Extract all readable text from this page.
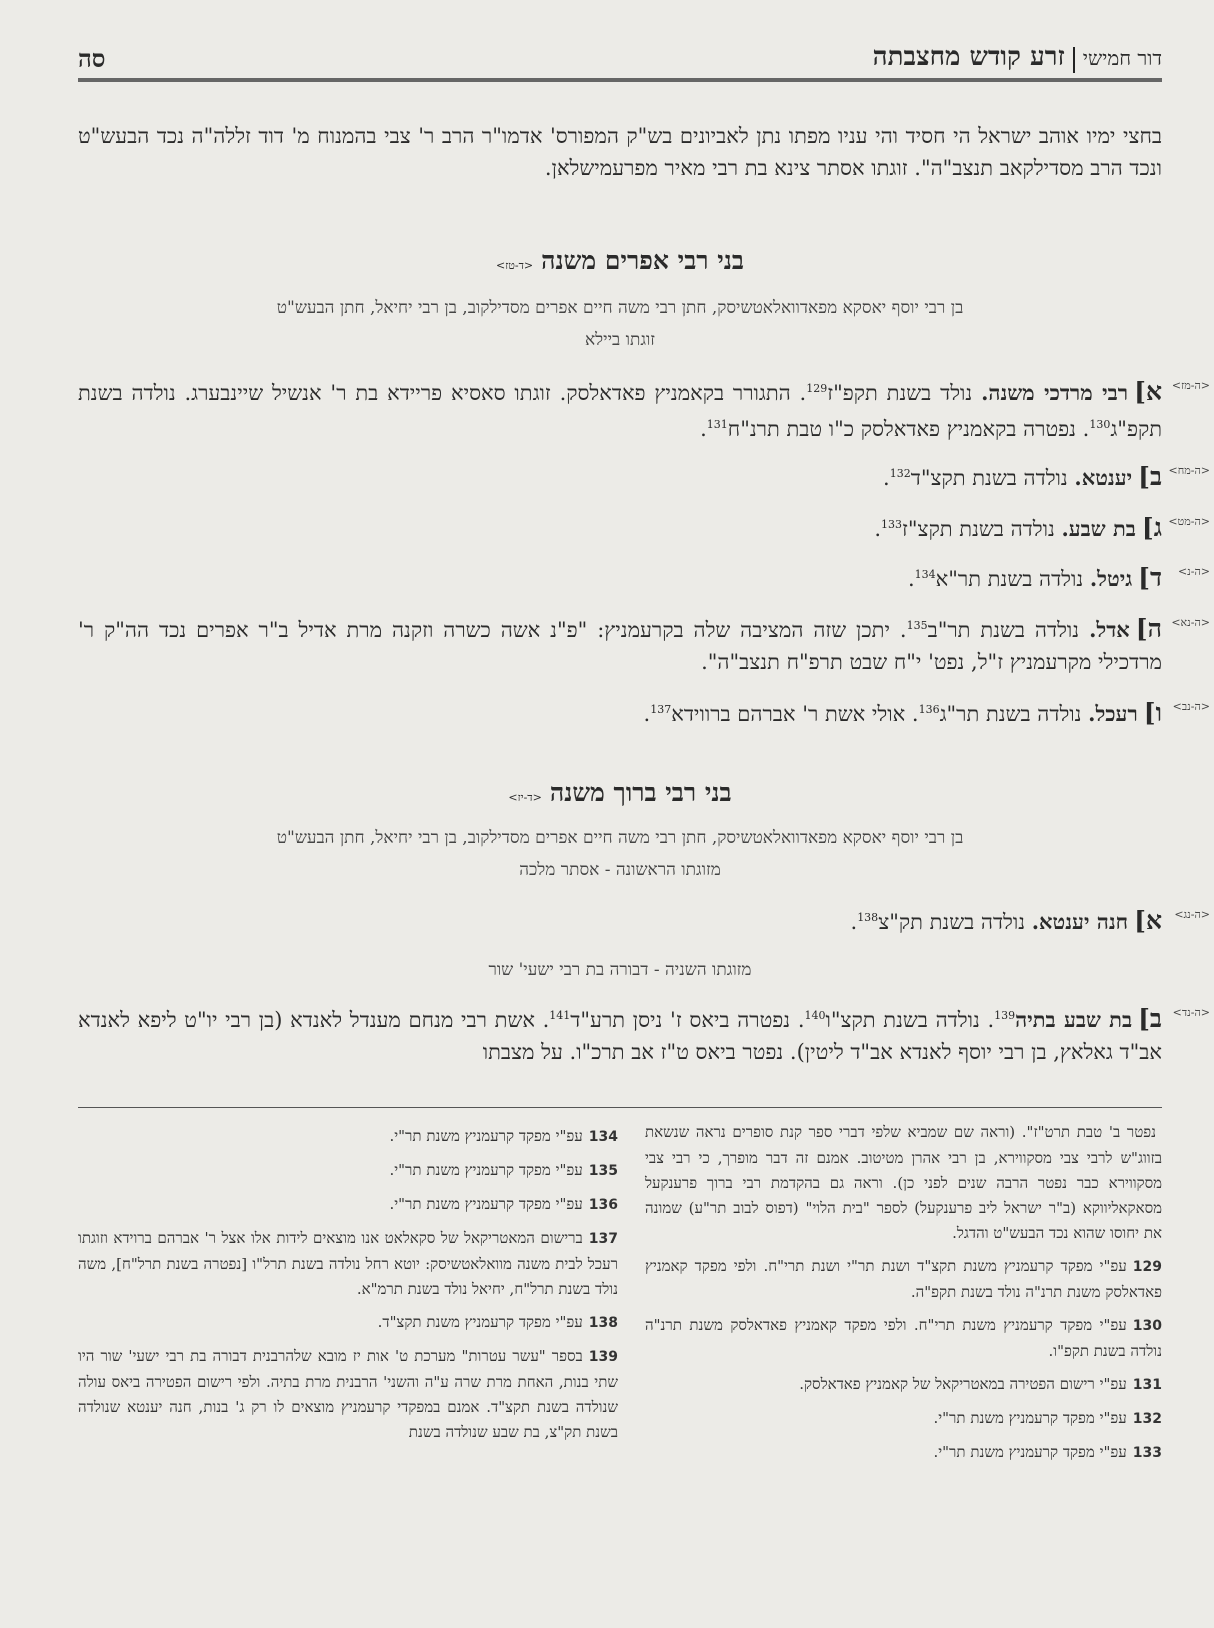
דור חמישיזרע קודש מחצבתה
סה
בחצי ימיו אוהב ישראל הי חסיד והי עניו מפתו נתן לאביונים בש"ק המפורס' אדמו"ר הרב ר' צבי בהמנוח מ' דוד זללה"ה נכד הבעש"ט ונכד הרב מסדילקאב תנצב"ה". זוגתו אסתר צינא בת רבי מאיר מפרעמישלאן.
בני רבי אפרים משנה<ד-טז>
בן רבי יוסף יאסקא מפאדוואלאטשיסק, חתן רבי משה חיים אפרים מסדילקוב, בן רבי יחיאל, חתן הבעש"ט
זוגתו ביילא
<ה-מז>
א]רבי מרדכי משנה. נולד בשנת תקפ"ז$^{129}$. התגורר בקאמניץ פאדאלסק. זוגתו סאסיא פריידא בת ר' אנשיל שיינבערג. נולדה בשנת תקפ"ג$^{130}$. נפטרה בקאמניץ פאדאלסק כ"ו טבת תרנ"ח$^{131}$.
<ה-מח>
ב]יענטא. נולדה בשנת תקצ"ד$^{132}$.
<ה-מט>
ג]בת שבע. נולדה בשנת תקצ"ז$^{133}$.
<ה-נ>
ד]גיטל. נולדה בשנת תר"א$^{134}$.
<ה-נא>
ה]אדל. נולדה בשנת תר"ב$^{135}$. יתכן שזה המציבה שלה בקרעמניץ: "פ"נ אשה כשרה וזקנה מרת אדיל ב"ר אפרים נכד הה"ק ר' מרדכילי מקרעמניץ ז"ל, נפט' י"ח שבט תרפ"ח תנצב"ה".
<ה-נב>
ו]רעכל. נולדה בשנת תר"ג$^{136}$. אולי אשת ר' אברהם ברווידא$^{137}$.
בני רבי ברוך משנה<ד-יז>
בן רבי יוסף יאסקא מפאדוואלאטשיסק, חתן רבי משה חיים אפרים מסדילקוב, בן רבי יחיאל, חתן הבעש"ט
מזוגתו הראשונה - אסתר מלכה
<ה-נג>
א]חנה יענטא. נולדה בשנת תק"צ$^{138}$.
מזוגתו השניה - דבורה בת רבי ישעי' שור
<ה-נד>
ב]בת שבע בתיה$^{139}$. נולדה בשנת תקצ"ו$^{140}$. נפטרה ביאס ז' ניסן תרע"ד$^{141}$. אשת רבי מנחם מענדל לאנדא (בן רבי יו"ט ליפא לאנדא אב"ד גאלאץ, בן רבי יוסף לאנדא אב"ד ליטין). נפטר ביאס ט"ז אב תרכ"ו. על מצבתו
נפטר ב' טבת תרט"ז". (וראה שם שמביא שלפי דברי ספר קנת סופרים נראה שנשאת בזווג"ש לרבי צבי מסקווירא, בן רבי אהרן מטיטוב. אמנם זה דבר מופרך, כי רבי צבי מסקווירא כבר נפטר הרבה שנים לפני כן). וראה גם בהקדמת רבי ברוך פרענקעל מסאקאליווקא (ב"ר ישראל ליב פרענקעל) לספר "בית הלוי" (דפוס לבוב תר"ע) שמונה את יחוסו שהוא נכד הבעש"ט והדגל.
129עפ"י מפקד קרעמניץ משנת תקצ"ד ושנת תר"י ושנת תרי"ח. ולפי מפקד קאמניץ פאדאלסק משנת תרנ"ה נולד בשנת תקפ"ה.
130עפ"י מפקד קרעמניץ משנת תרי"ח. ולפי מפקד קאמניץ פאדאלסק משנת תרנ"ה נולדה בשנת תקפ"ו.
131עפ"י רישום הפטירה במאטריקאל של קאמניץ פאדאלסק.
132עפ"י מפקד קרעמניץ משנת תר"י.
133עפ"י מפקד קרעמניץ משנת תר"י.
134עפ"י מפקד קרעמניץ משנת תר"י.
135עפ"י מפקד קרעמניץ משנת תר"י.
136עפ"י מפקד קרעמניץ משנת תר"י.
137ברישום המאטריקאל של סקאלאט אנו מוצאים לידות אלו אצל ר' אברהם ברוידא וזוגתו רעכל לבית משנה מוואלאטשיסק: יוטא רחל נולדה בשנת תרל"ו [נפטרה בשנת תרל"ח], משה נולד בשנת תרל"ח, יחיאל נולד בשנת תרמ"א.
138עפ"י מפקד קרעמניץ משנת תקצ"ד.
139בספר "עשר עטרות" מערכת ט' אות יז מובא שלהרבנית דבורה בת רבי ישעי' שור היו שתי בנות, האחת מרת שרה ע"ה והשני' הרבנית מרת בתיה. ולפי רישום הפטירה ביאס עולה שנולדה בשנת תקצ"ד. אמנם במפקדי קרעמניץ מוצאים לו רק ג' בנות, חנה יענטא שנולדה בשנת תק"צ, בת שבע שנולדה בשנת
